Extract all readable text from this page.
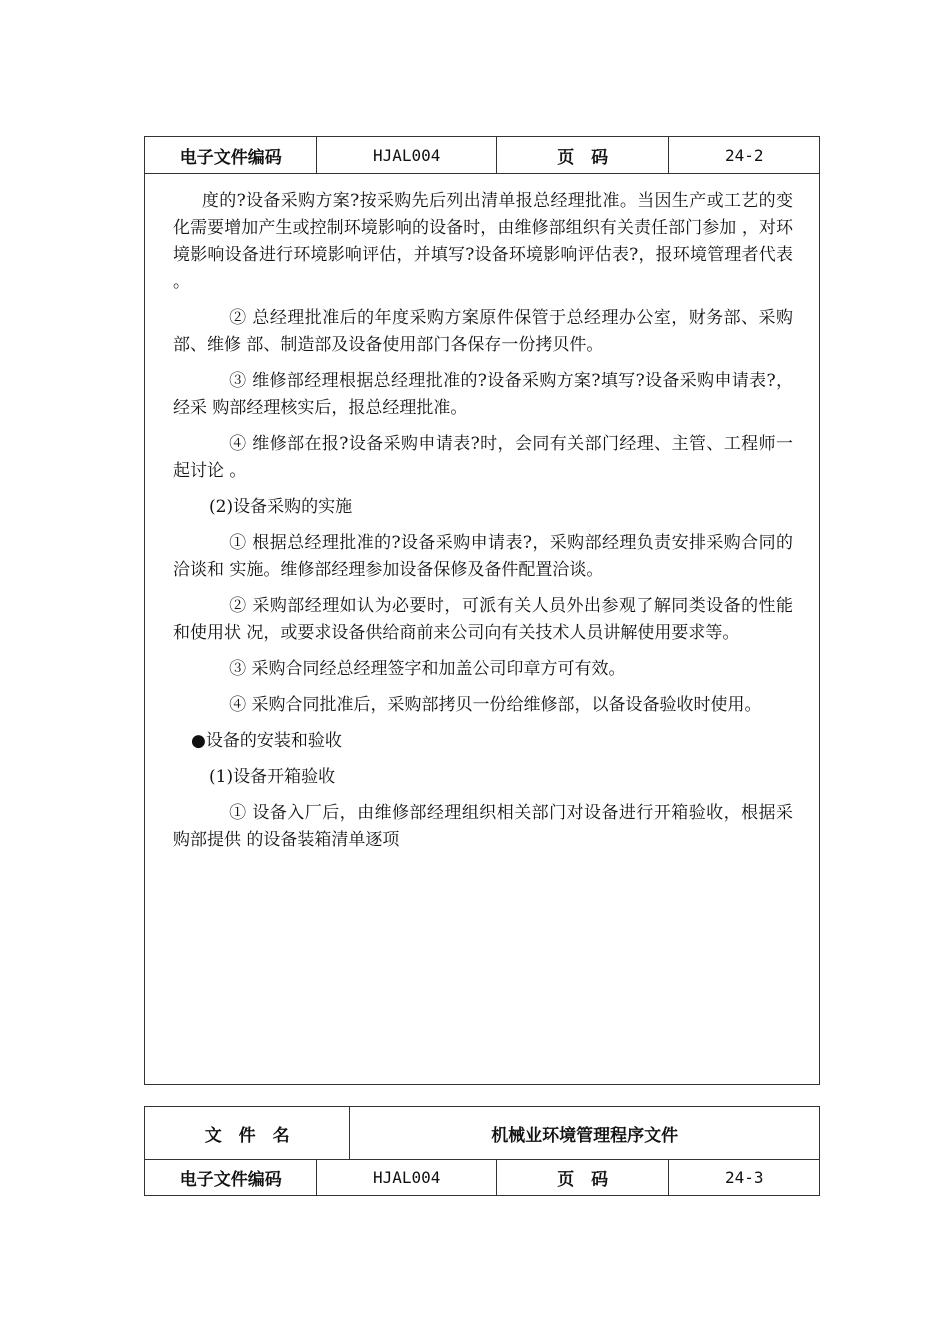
电子文件编码	HJAL004	页　码	24-2

度的?设备采购方案?按采购先后列出清单报总经理批准。当因生产或工艺的变化需要增加产生或控制环境影响的设备时，由维修部组织有关责任部门参加 ，对环境影响设备进行环境影响评估，并填写?设备环境影响评估表?，报环境管理者代表 。

② 总经理批准后的年度采购方案原件保管于总经理办公室，财务部、采购部、维修 部、制造部及设备使用部门各保存一份拷贝件。

③ 维修部经理根据总经理批准的?设备采购方案?填写?设备采购申请表?，经采 购部经理核实后，报总经理批准。

④ 维修部在报?设备采购申请表?时，会同有关部门经理、主管、工程师一起讨论 。

(2)设备采购的实施

① 根据总经理批准的?设备采购申请表?，采购部经理负责安排采购合同的洽谈和 实施。维修部经理参加设备保修及备件配置洽谈。

② 采购部经理如认为必要时，可派有关人员外出参观了解同类设备的性能和使用状 况，或要求设备供给商前来公司向有关技术人员讲解使用要求等。

③ 采购合同经总经理签字和加盖公司印章方可有效。

④ 采购合同批准后，采购部拷贝一份给维修部，以备设备验收时使用。

●设备的安装和验收

(1)设备开箱验收

① 设备入厂后，由维修部经理组织相关部门对设备进行开箱验收，根据采购部提供 的设备装箱清单逐项

文　件　名	机械业环境管理程序文件
电子文件编码	HJAL004	页　码	24-3
